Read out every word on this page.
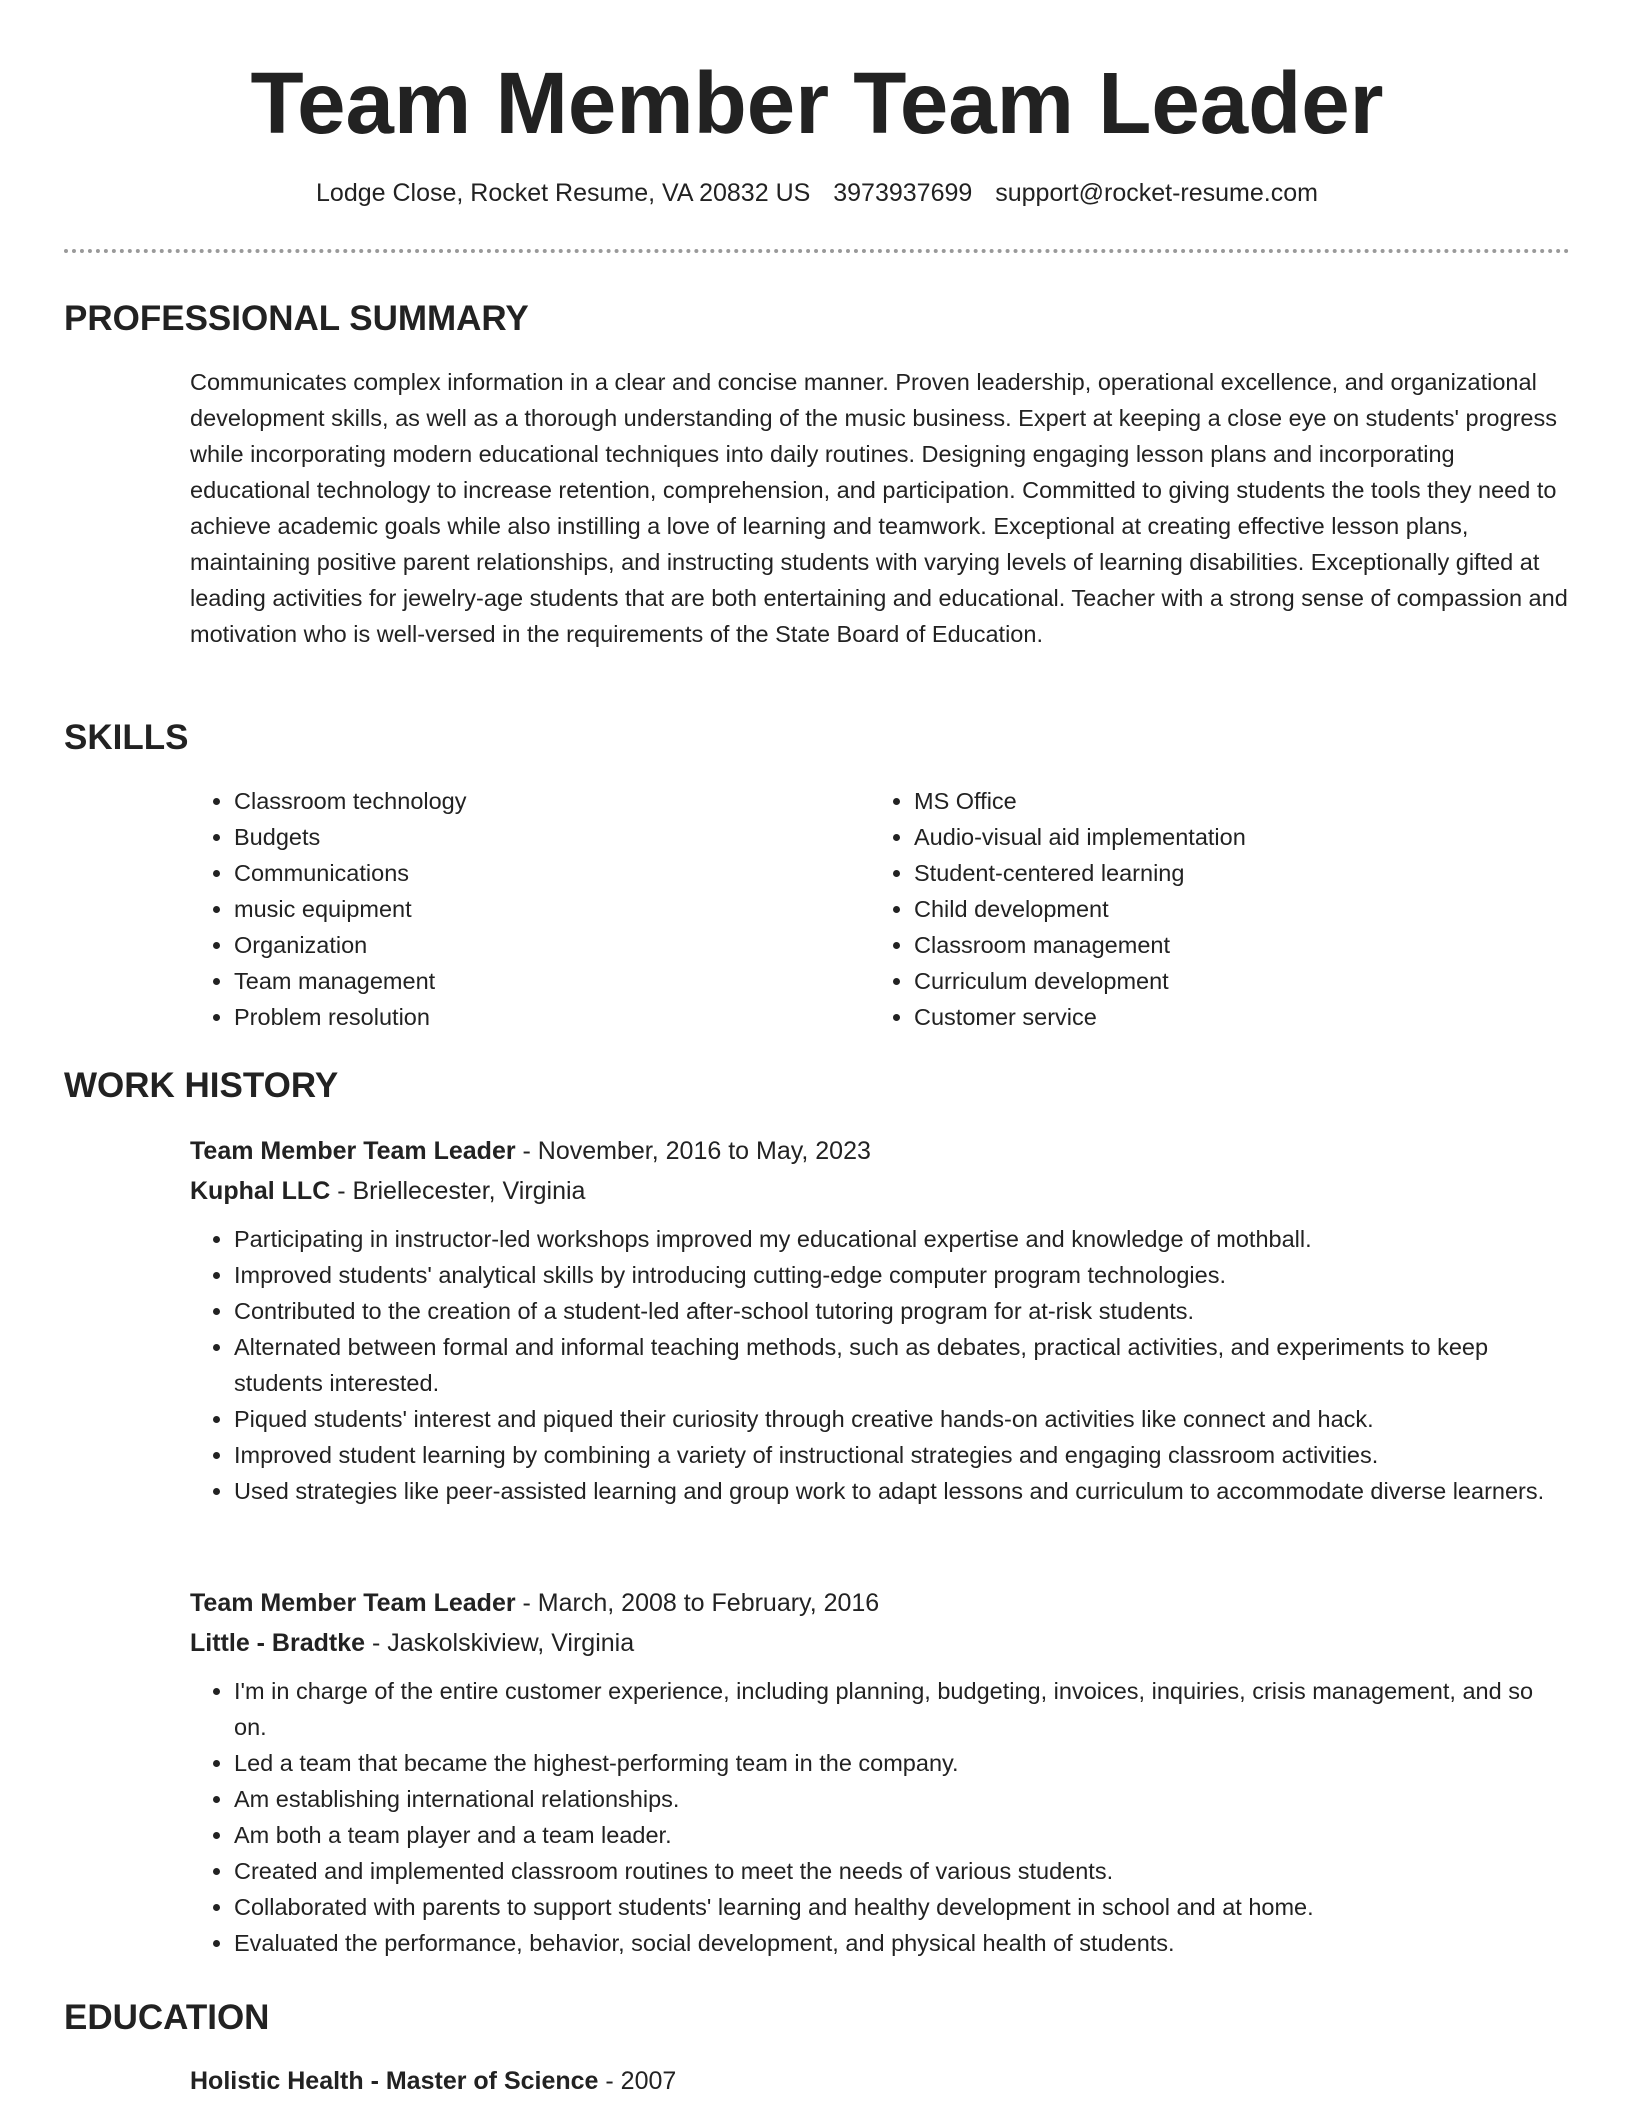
Team Member Team Leader
Lodge Close, Rocket Resume, VA 20832 US 3973937699 support@rocket-resume.com
PROFESSIONAL SUMMARY

Communicates complex information in a clear and concise manner. Proven leadership, operational excellence, and organizational development skills, as well as a thorough understanding of the music business. Expert at keeping a close eye on students' progress while incorporating modern educational techniques into daily routines. Designing engaging lesson plans and incorporating educational technology to increase retention, comprehension, and participation. Committed to giving students the tools they need to achieve academic goals while also instilling a love of learning and teamwork. Exceptional at creating effective lesson plans, maintaining positive parent relationships, and instructing students with varying levels of learning disabilities. Exceptionally gifted at leading activities for jewelry-age students that are both entertaining and educational. Teacher with a strong sense of compassion and motivation who is well-versed in the requirements of the State Board of Education.

SKILLS
• Classroom technology
• Budgets
• Communications
• music equipment
• Organization
• Team management
• Problem resolution
• MS Office
• Audio-visual aid implementation
• Student-centered learning
• Child development
• Classroom management
• Curriculum development
• Customer service
WORK HISTORY

Team Member Team Leader - November, 2016 to May, 2023

Kuphal LLC - Briellecester, Virginia

• Participating in instructor-led workshops improved my educational expertise and knowledge of mothball.
• Improved students' analytical skills by introducing cutting-edge computer program technologies.
• Contributed to the creation of a student-led after-school tutoring program for at-risk students.
• Alternated between formal and informal teaching methods, such as debates, practical activities, and experiments to keep students interested.
• Piqued students' interest and piqued their curiosity through creative hands-on activities like connect and hack.
• Improved student learning by combining a variety of instructional strategies and engaging classroom activities.
• Used strategies like peer-assisted learning and group work to adapt lessons and curriculum to accommodate diverse learners.

Team Member Team Leader - March, 2008 to February, 2016

Little - Bradtke - Jaskolskiview, Virginia

• I'm in charge of the entire customer experience, including planning, budgeting, invoices, inquiries, crisis management, and so on.
• Led a team that became the highest-performing team in the company.
• Am establishing international relationships.
• Am both a team player and a team leader.
• Created and implemented classroom routines to meet the needs of various students.
• Collaborated with parents to support students' learning and healthy development in school and at home.
• Evaluated the performance, behavior, social development, and physical health of students.
EDUCATION

Holistic Health - Master of Science - 2007
